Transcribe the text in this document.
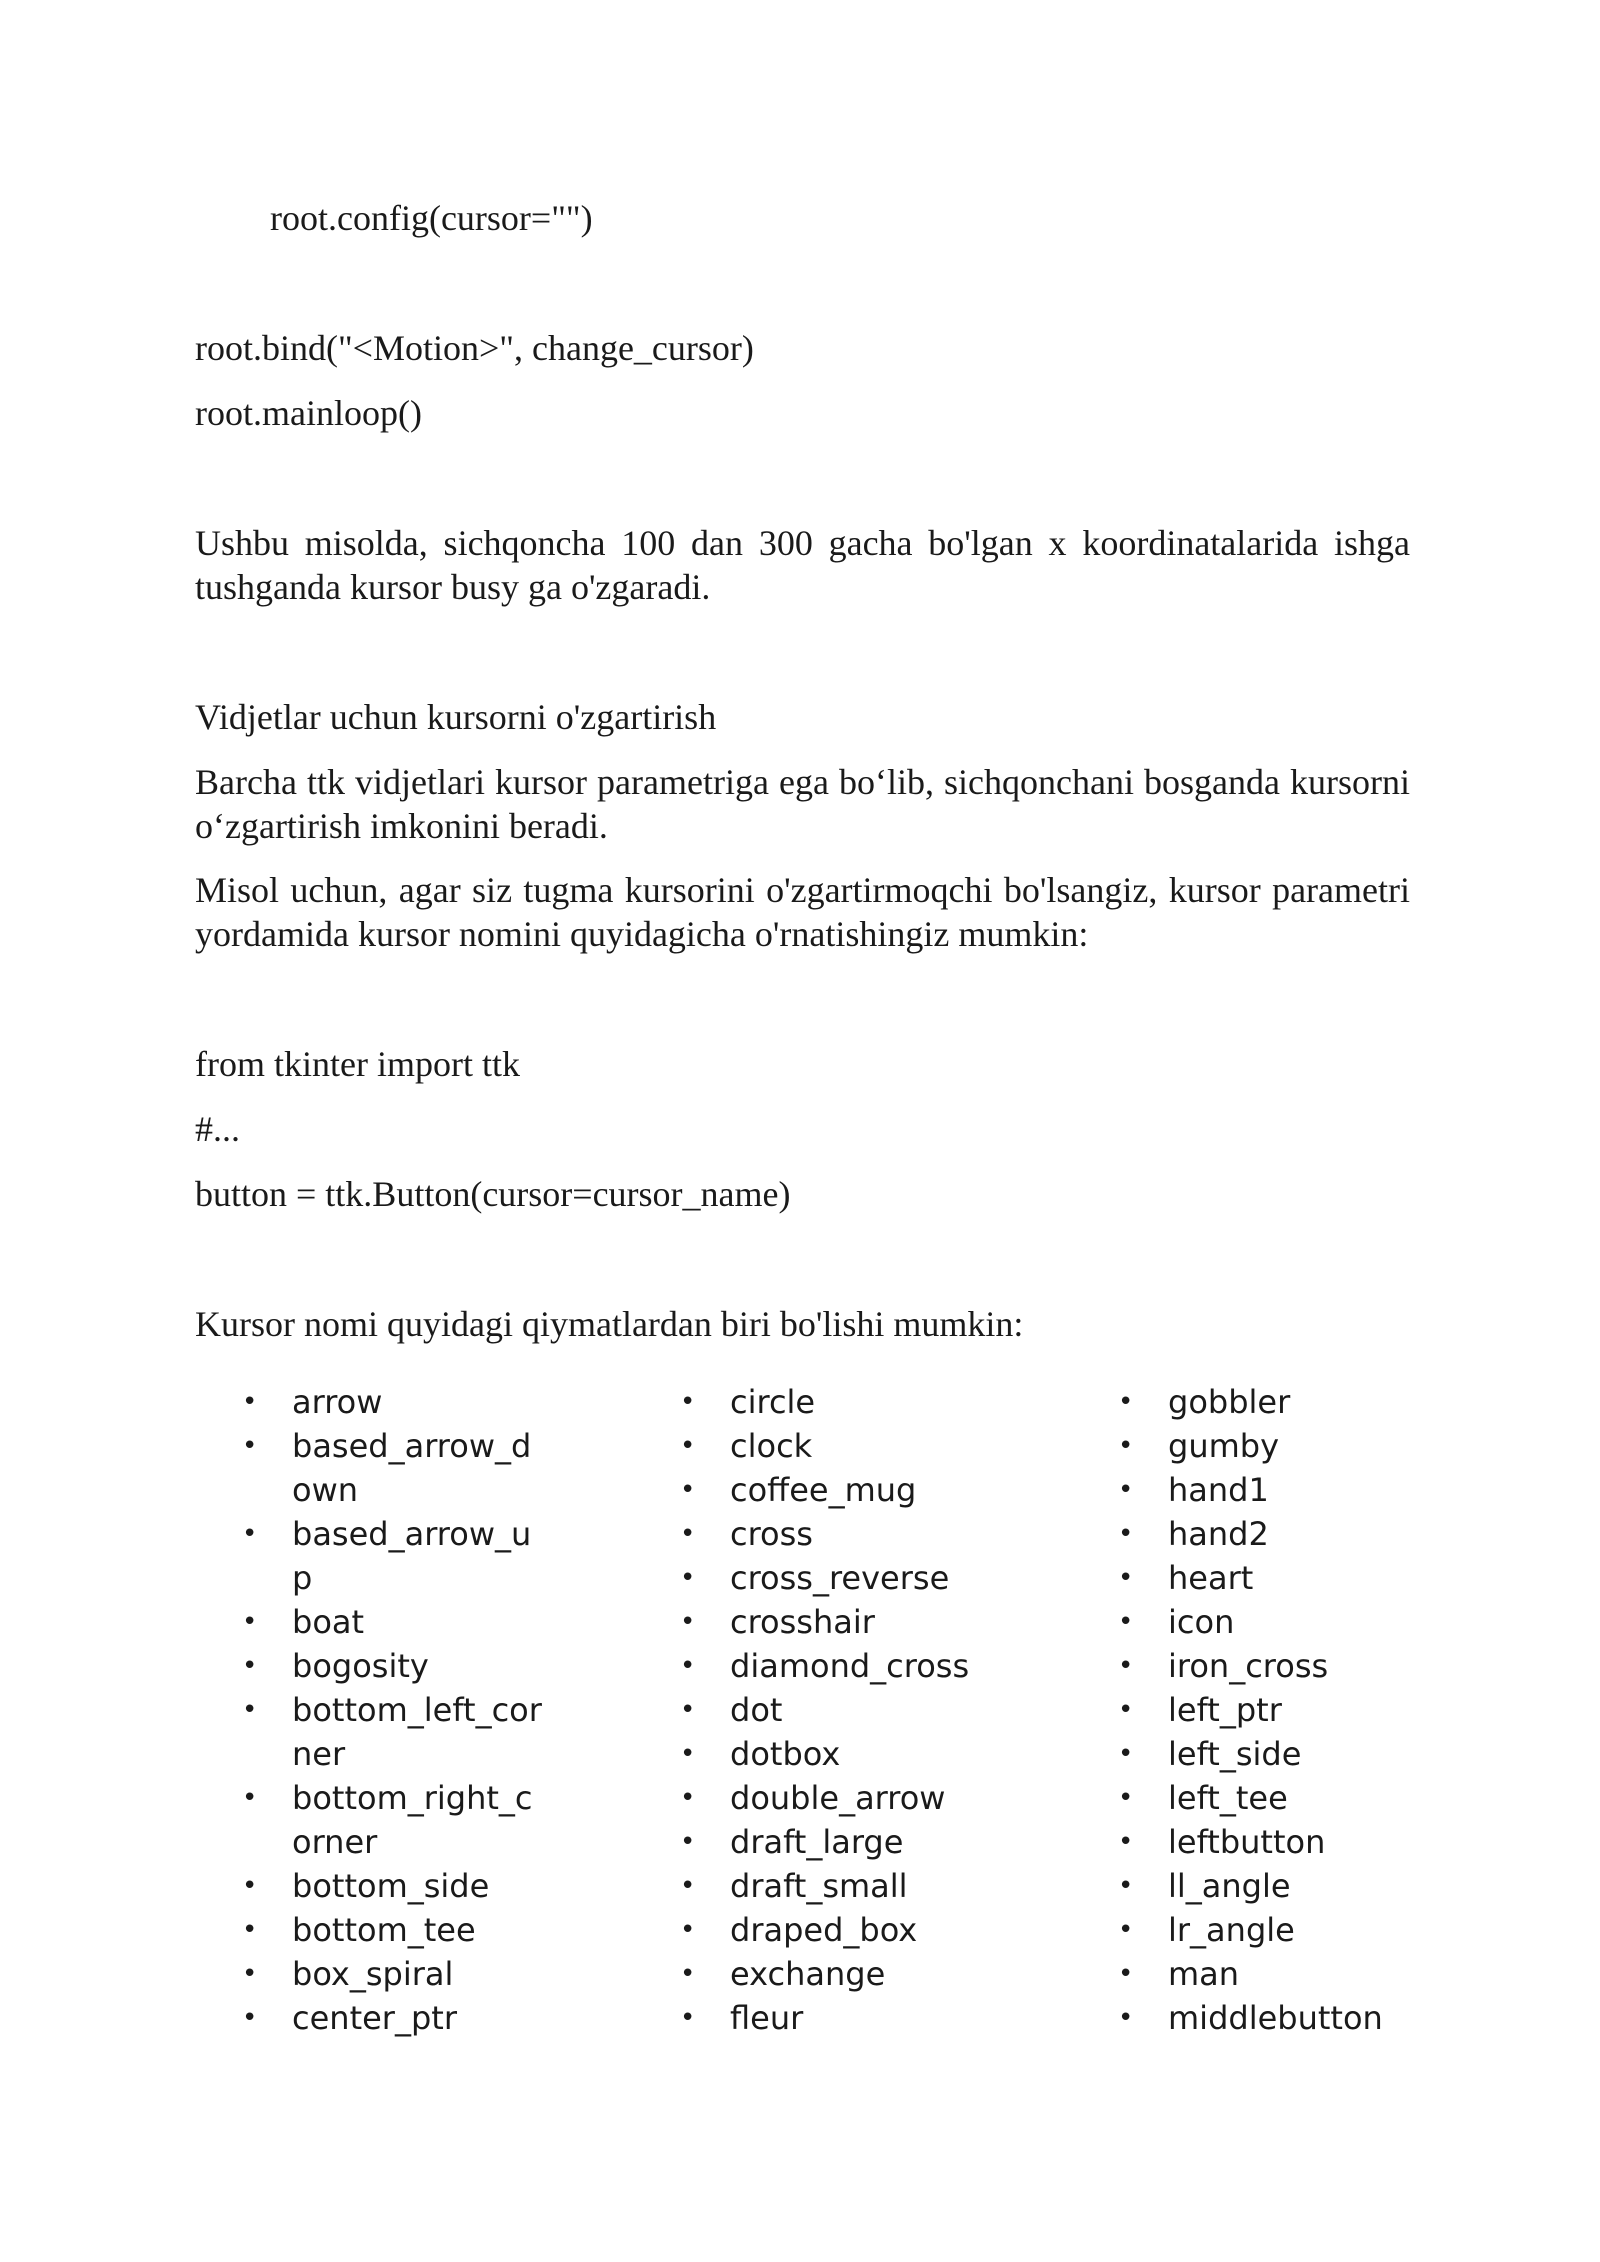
root.config(cursor="")
root.bind("<Motion>", change_cursor)
root.mainloop()
Ushbu misolda, sichqoncha 100 dan 300 gacha bo'lgan x koordinatalarida ishga tushganda kursor busy ga o'zgaradi.
Vidjetlar uchun kursorni o'zgartirish
Barcha ttk vidjetlari kursor parametriga ega bo‘lib, sichqonchani bosganda kursorni o‘zgartirish imkonini beradi.
Misol uchun, agar siz tugma kursorini o'zgartirmoqchi bo'lsangiz, kursor parametri yordamida kursor nomini quyidagicha o'rnatishingiz mumkin:
from tkinter import ttk
#...
button = ttk.Button(cursor=cursor_name)
Kursor nomi quyidagi qiymatlardan biri bo'lishi mumkin:
• arrow
• based_arrow_down
• based_arrow_up
• boat
• bogosity
• bottom_left_corner
• bottom_right_corner
• bottom_side
• bottom_tee
• box_spiral
• center_ptr
• circle
• clock
• coffee_mug
• cross
• cross_reverse
• crosshair
• diamond_cross
• dot
• dotbox
• double_arrow
• draft_large
• draft_small
• draped_box
• exchange
• fleur
• gobbler
• gumby
• hand1
• hand2
• heart
• icon
• iron_cross
• left_ptr
• left_side
• left_tee
• leftbutton
• ll_angle
• lr_angle
• man
• middlebutton
